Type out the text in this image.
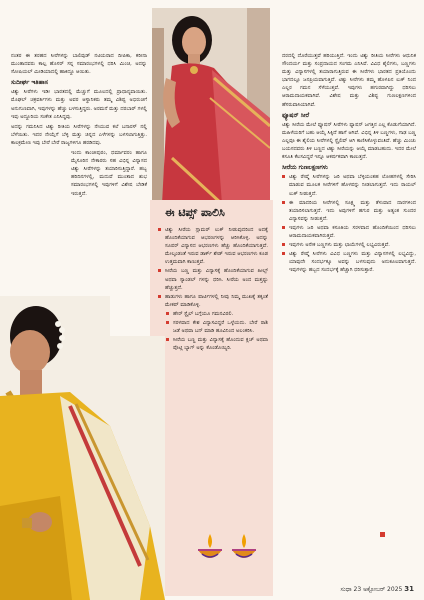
ನಂತರ ಈ ತರಹದ ಸೀರೆಗಳನ್ನು ಬಾಲಿವುಡ್ ನಟಿಯರಾದ ದೀಪಿಕಾ, ಕರೀನಾ ಮುಂತಾದವರು ಕಾಲ್ಪ ಹೊಸರ್ ಸನ್ನ ಸಮಾರಂಭಗಳಲ್ಲಿ ಧರಿಸಿ ಮಿಂಚಿ, ಅದನ್ನು ಸೋಷಿಯಲ್ ಮೀಡಿಯಾದಲ್ಲಿ ಹಾಕಿದ್ದೂ ಆಯಿತು.

ಸುದೀರ್ಘ ಇತಿಹಾಸ

ಟಿಶ್ಯು ಸೀರೆಗಳು ಇಡೀ ಭಾರತದಲ್ಲಿ ಮೆಚ್ಚುಗೆ ಮೂಲದಲ್ಲಿ ಪ್ರಾಧಾನ್ಯವಾಯಿತು. ಮೊಘಲ್ ಚಕ್ರವರ್ತಿಗಳು ಮತ್ತು ಅವರ ಆಸ್ಥಾನಿಕರು ತಮ್ಮ ವಿಶಿಷ್ಟ ಅಭಿರುಚಿಗೆ ಅನುಗುಣವಾಗಿ, ಇವುಗಳನ್ನು ಹೆಚ್ಚು ಬಳಸುತ್ತಿದ್ದರು. ಅರಮನೆ ಮತ್ತು ದರಬಾರ್ ಗಳಲ್ಲಿ ಇವು ಅದ್ದೂರಿಯ ಸಂಕೇತ ಎನಿಸಿದ್ದವು.

ಅದನ್ನು ಗಮನಿಸಿದ ಟಿಶ್ಯು ರೀತಿಯ ಸೀರೆಗಳನ್ನು ನೇಯುವ ಕಲೆ ಬನಾರಸ್ ನಲ್ಲಿ ಬೆಳೆಯಿತು. ಇದರ ನೇಯ್ಗೆಗೆ ಬೆಳ್ಳಿ ಮತ್ತು ಚಿನ್ನದ ಎಳೆಗಳನ್ನು ಬಳಸಲಾಗುತ್ತಿತ್ತು. ಕಾಲಕ್ರಮೇಣ ಇವು ಬೇರೆ ಬೇರೆ ರಾಜ್ಯಗಳಿಗೂ ಹರಡಿದವು.

ಇಂದು ಕಾಂಚೀಪುರಂ, ಧರ್ಮಾವರಂ ಹಾಗೂ ಮೈಸೂರಿನ ನೇಕಾರರು ಸಹ ವಿಭಿನ್ನ ವಿನ್ಯಾಸದ ಟಿಶ್ಯು ಸೀರೆಗಳನ್ನು ತಯಾರಿಸುತ್ತಿದ್ದಾರೆ. ಹಬ್ಬ ಹರಿದಿನಗಳಲ್ಲಿ, ಮದುವೆ ಮುಂತಾದ ಶುಭ ಸಮಾರಂಭಗಳಲ್ಲಿ ಇವುಗಳಿಗೆ ವಿಶೇಷ ಬೇಡಿಕೆ ಇರುತ್ತದೆ.

ಈ ಟಿಪ್ಸ್ ಪಾಲಿಸಿ
ಟಿಶ್ಯು ಸೀರೆಯ ಗ್ಲಾಮರ್ ಲುಕ್ ನೀಡುವುದರಿಂದ ಅದಕ್ಕೆ ಹೊಂದಿಕೆಯಾಗುವ ಆಭರಣಗಳನ್ನು ಆರಿಸಿಕೊಳ್ಳಿ. ಅದನ್ನು ಸೂಪರ್ ವಿನ್ಯಾಸದ ಆಭರಣಗಳು ಹೆಚ್ಚು ಹೊಂದಿಕೆಯಾಗುತ್ತವೆ. ಮೇಲ್ಕಂಡಂತೆ ಇರುವ ಡಾರ್ಕ್ ಶೇಡ್ ಇರುವ ಆಭರಣಗಳು ಕೂಡ ಉತ್ತಮವಾಗಿ ಕಾಣುತ್ತವೆ.
ಸೀರೆಯ ಬಣ್ಣ ಮತ್ತು ವಿನ್ಯಾಸಕ್ಕೆ ಹೊಂದಿಕೆಯಾಗುವ ಹೀಲ್ಸ್ ಅಥವಾ ಸ್ಯಾಂಡಲ್ ಗಳನ್ನು ಧರಿಸಿ. ಸೀರೆಯ ಅಂದ ಮತ್ತಷ್ಟು ಹೆಚ್ಚುತ್ತದೆ.
ಹಾಡುಗಳು ಹಾಗೂ ಪಾರ್ಟಿಗಳಲ್ಲಿ ನೀವು ನಿಮ್ಮ ಮುಖಕ್ಕೆ ತಕ್ಕಂತೆ ಮೇಕಪ್ ಮಾಡಿಕೊಳ್ಳಿ.
ಹೇರ್ ಸ್ಟೈಲ್ ಬಗ್ಗೆಯೂ ಗಮನವಿರಲಿ.
ಸರಳವಾದ ಕೇಶ ವಿನ್ಯಾಸವಿದ್ದರೆ ಒಳ್ಳೆಯದು. ಬೇರೆ ರಾಶಿ ಜಡೆ ಅಥವಾ ಬನ್ ಮಾಡಿ ಹೂವಿನಿಂದ ಅಲಂಕರಿಸಿ.
ಸೀರೆಯ ಬಣ್ಣ ಮತ್ತು ವಿನ್ಯಾಸಕ್ಕೆ ಹೊಂದುವ ಕ್ಲಚ್ ಅಥವಾ ಪೊಟ್ಲಿ ಬ್ಯಾಗ್ ಅನ್ನು ಕೊಂಡೊಯ್ಯಿರಿ.

ದರದಲ್ಲಿ ದೊರೆಯುತ್ತವೆ ಹರಿಯುತ್ತಿದೆ. ಇಂದು ಟಿಶ್ಯು ರೀತಿಯ ಸೀರೆಗಳು ಆಧುನಿಕ ಸೌಂದರ್ಯ ಮತ್ತು ಸಂಪ್ರದಾಯದ ಸಂಗಮ ಎನಿಸಿವೆ. ವಿವಿಧ ಶೈಲಿಗಳು, ಬಣ್ಣಗಳು ಮತ್ತು ವಿನ್ಯಾಸಗಳಲ್ಲಿ ತಯಾರಾಗುತ್ತಿರುವ ಈ ಸೀರೆಗಳು ಭಾರತದ ಪ್ರತಿಯೊಂದು ಭಾಗದಲ್ಲೂ ಜನಪ್ರಿಯವಾಗುತ್ತಿವೆ. ಟಿಶ್ಯು ಸೀರೆಗಳು ತಮ್ಮ ಹೊಳಪಿನ ಲುಕ್ ನಿಂದ ಎಲ್ಲರ ಗಮನ ಸೆಳೆಯುತ್ತವೆ. ಇವುಗಳು ಹಗುರವಾಗಿದ್ದು ಧರಿಸಲು ಆರಾಮದಾಯಕವಾಗಿವೆ. ವಿಶೇಷ ಮತ್ತು ವಿಶಿಷ್ಟ ಗುಣಲಕ್ಷಣಗಳಿಂದ ಹೆಸರುವಾಸಿಯಾಗಿವೆ.

ಫ್ಯೂಷನ್ ಸೀರೆ

ಟಿಶ್ಯು ಸೀರೆಯ ಮೇಲೆ ಫ್ಯೂಷನ್ ಸೀರೆಗಳು ಫ್ಯಾಷನ್ ಜಗತ್ತಿನ ಎಲ್ಲ ಕೊಡುಗೆಯಾಗಿದೆ. ಮಹಿಳೆಯರಿಗೆ ಬಹು ಆಯ್ಕೆ ಸಿಕ್ಕಿದೆ ಹಾಗೆ ಆಗಿವೆ. ವಿಭಿನ್ನ ತಿಳಿ ಬಣ್ಣಗಳು, ಗಾಢ ಬಣ್ಣ ಎಲ್ಲವೂ ಈ ಶೈಲಿಯ ಸೀರೆಗಳಲ್ಲಿ ಸ್ಟೈಲಿಷ್ ಆಗಿ ಕಾಣಿಸಿಕೊಳ್ಳುವಂತಿವೆ. ಹೆಚ್ಚು ಮಿಂಚು ಬಯಸದವರು ತಿಳಿ ಬಣ್ಣದ ಟಿಶ್ಯು ಸೀರೆಯನ್ನು ಆಯ್ಕೆ ಮಾಡಬಹುದು. ಇದರ ಮೇಲೆ ಕಸೂತಿ ಕೆಲಸವಿದ್ದರೆ ಇನ್ನೂ ಆಕರ್ಷಕವಾಗಿ ಕಾಣುತ್ತದೆ.

ಸೀರೆಯ ಗುಣಲಕ್ಷಣಗಳು
ಟಿಶ್ಯು ರೇಷ್ಮೆ ಸೀರೆಗಳನ್ನು ಜರಿ ಅಥವಾ ಬೆಳ್ಳಿಯಂತಹ ಲೋಹಗಳಲ್ಲಿ ಸೇರಿಸಿ ಮಾಡುವ ಮೂಲಕ ಸೀರೆಗಳಿಗೆ ಹೊಳಪನ್ನು ನೀಡಲಾಗುತ್ತದೆ. ಇದು ರಾಯಲ್ ಲುಕ್ ನೀಡುತ್ತದೆ.
ಈ ಮಾದರಿಯ ಸೀರೆಗಳಲ್ಲಿ ಸೂಕ್ಷ್ಮ ಮತ್ತು ತೆಳುವಾದ ದಾರಗಳಿಂದ ತಯಾರಿಸಲಾಗುತ್ತದೆ. ಇದು ಅವುಗಳಿಗೆ ಹಗುರ ಮತ್ತು ಅತ್ಯಂತ ಸುಂದರ ವಿನ್ಯಾಸವನ್ನು ನೀಡುತ್ತದೆ.
ಇವುಗಳು ಜರಿ ಅಥವಾ ಕಸೂತಿಯ ಸರಳವಾದ ಹೊಂದಿಕೆಯಿಂದ ಧರಿಸಲು ಆರಾಮದಾಯಕವಾಗಿರುತ್ತವೆ.
ಇವುಗಳು ಅನೇಕ ಬಣ್ಣಗಳು ಮತ್ತು ಛಾಯೆಗಳಲ್ಲಿ ಲಭ್ಯವಿರುತ್ತವೆ.
ಟಿಶ್ಯು ರೇಷ್ಮೆ ಸೀರೆಗಳು ವಿವಿಧ ಬಣ್ಣಗಳು ಮತ್ತು ವಿನ್ಯಾಸಗಳಲ್ಲಿ ಲಭ್ಯವಿದ್ದು, ಯಾವುದೇ ಸಂದರ್ಭಕ್ಕೂ ಅವನ್ನು ಬಳಸುವುದು ಅನುಕೂಲವಾಗುತ್ತದೆ. ಇವುಗಳನ್ನು ಹಬ್ಬದ ಸಂದರ್ಭಕ್ಕೆ ಹೆಚ್ಚಾಗಿ ಧರಿಸುತ್ತಾರೆ.
ಸುಧಾ 23 ಅಕ್ಟೋಬರ್ 2025 31
